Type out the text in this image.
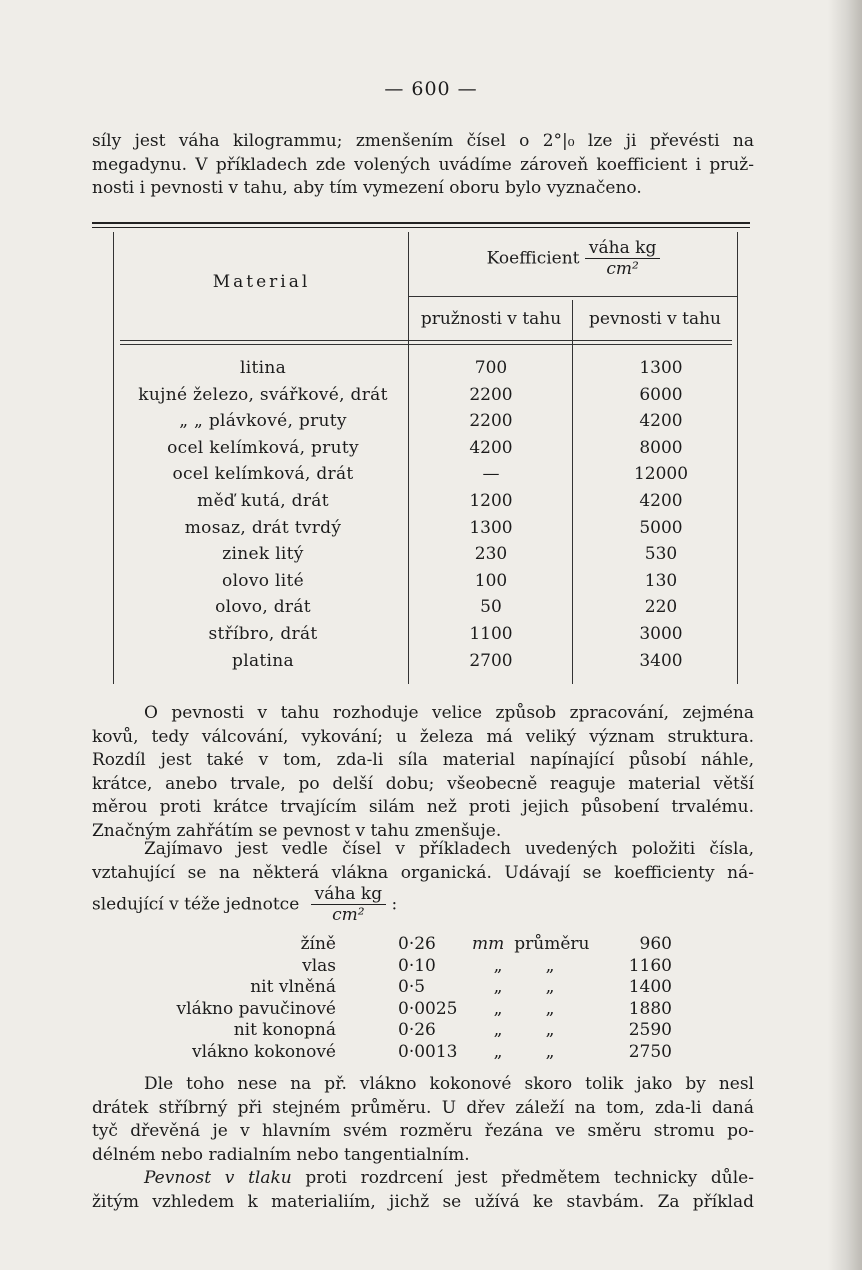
— 600 —
síly jest váha kilogrammu; zmenšením čísel o 2°|₀ lze ji převésti na
megadynu. V příkladech zde volených uvádíme zároveň koefficient i pruž-
nosti i pevnosti v tahu, aby tím vymezení oboru bylo vyznačeno.
Material
Koefficient $\frac{\text{váha kg}}{\text{cm²}}$
pružnosti v tahu	pevnosti v tahu
litina	700	1300
kujné železo, svářkové, drát	2200	6000
„ „ plávkové, pruty	2200	4200
ocel kelímková, pruty	4200	8000
ocel kelímková, drát	—	12000
měď kutá, drát	1200	4200
mosaz, drát tvrdý	1300	5000
zinek litý	230	530
olovo lité	100	130
olovo, drát	50	220
stříbro, drát	1100	3000
platina	2700	3400
O pevnosti v tahu rozhoduje velice způsob zpracování, zejména
kovů, tedy válcování, vykování; u železa má veliký význam struktura.
Rozdíl jest také v tom, zda-li síla material napínající působí náhle,
krátce, anebo trvale, po delší dobu; všeobecně reaguje material větší
měrou proti krátce trvajícím silám než proti jejich působení trvalému.
Značným zahřátím se pevnost v tahu zmenšuje.
Zajímavo jest vedle čísel v příkladech uvedených položiti čísla,
vztahující se na některá vlákna organická. Udávají se koefficienty ná-
sledující v téže jednotce $\frac{\text{váha kg}}{\text{cm²}}$ :
žíně	0·26	mm průměru	960
vlas	0·10	„	„	1160
nit vlněná	0·5	„	„	1400
vlákno pavučinové	0·0025	„	„	1880
nit konopná	0·26	„	„	2590
vlákno kokonové	0·0013	„	„	2750
Dle toho nese na př. vlákno kokonové skoro tolik jako by nesl
drátek stříbrný při stejném průměru. U dřev záleží na tom, zda-li daná
tyč dřevěná je v hlavním svém rozměru řezána ve směru stromu po-
délném nebo radialním nebo tangentialním.
Pevnost v tlaku proti rozdrcení jest předmětem technicky důle-
žitým vzhledem k materialiím, jichž se užívá ke stavbám. Za příklad
